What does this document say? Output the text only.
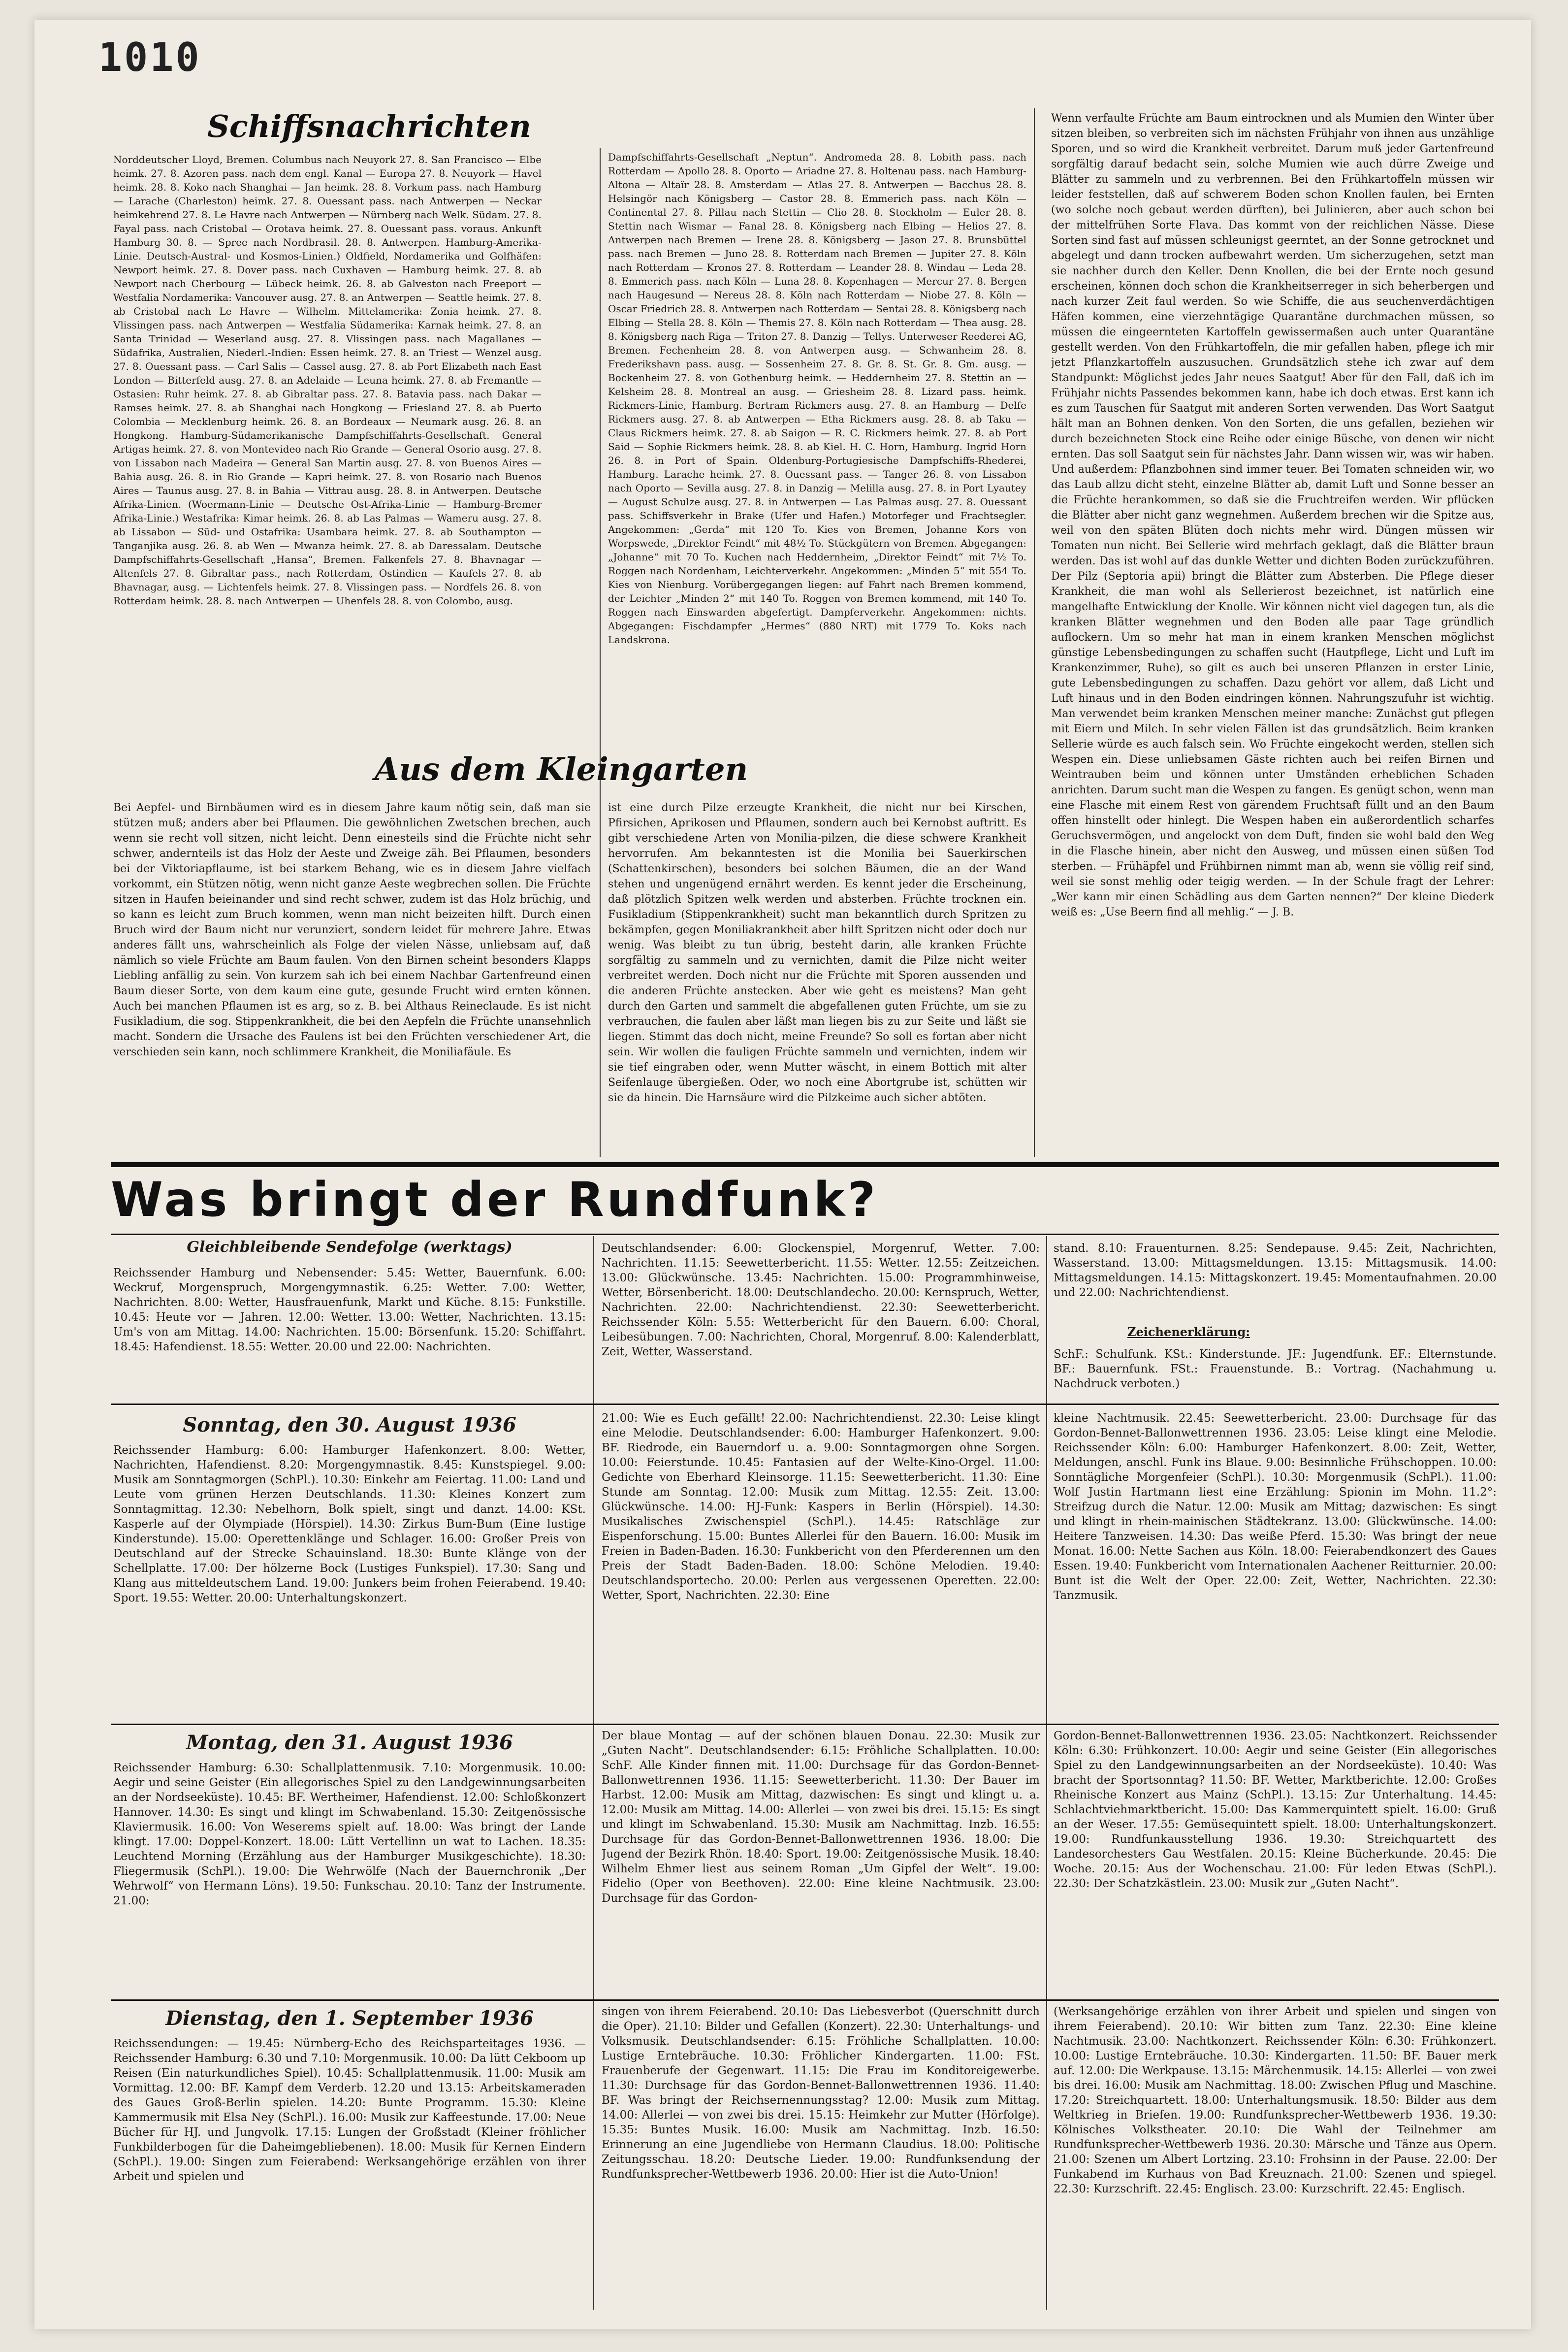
1010
Schiffsnachrichten
Norddeutscher Lloyd, Bremen. Columbus nach Neuyork 27. 8. San Francisco — Elbe heimk. 27. 8. Azoren pass. nach dem engl. Kanal — Europa 27. 8. Neuyork — Havel heimk. 28. 8. Koko nach Shanghai — Jan heimk. 28. 8. Vorkum pass. nach Hamburg — Larache (Charleston) heimk. 27. 8. Ouessant pass. nach Antwerpen — Neckar heimkehrend 27. 8. Le Havre nach Antwerpen — Nürnberg nach Welk. Südam. 27. 8. Fayal pass. nach Cristobal — Orotava heimk. 27. 8. Ouessant pass. voraus. Ankunft Hamburg 30. 8. — Spree nach Nordbrasil. 28. 8. Antwerpen. Hamburg-Amerika-Linie. Deutsch-Austral- und Kosmos-Linien.) Oldfield, Nordamerika und Golfhäfen: Newport heimk. 27. 8. Dover pass. nach Cuxhaven — Hamburg heimk. 27. 8. ab Newport nach Cherbourg — Lübeck heimk. 26. 8. ab Galveston nach Freeport — Westfalia Nordamerika: Vancouver ausg. 27. 8. an Antwerpen — Seattle heimk. 27. 8. ab Cristobal nach Le Havre — Wilhelm. Mittelamerika: Zonia heimk. 27. 8. Vlissingen pass. nach Antwerpen — Westfalia Südamerika: Karnak heimk. 27. 8. an Santa Trinidad — Weserland ausg. 27. 8. Vlissingen pass. nach Magallanes — Südafrika, Australien, Niederl.-Indien: Essen heimk. 27. 8. an Triest — Wenzel ausg. 27. 8. Ouessant pass. — Carl Salis — Cassel ausg. 27. 8. ab Port Elizabeth nach East London — Bitterfeld ausg. 27. 8. an Adelaide — Leuna heimk. 27. 8. ab Fremantle — Ostasien: Ruhr heimk. 27. 8. ab Gibraltar pass. 27. 8. Batavia pass. nach Dakar — Ramses heimk. 27. 8. ab Shanghai nach Hongkong — Friesland 27. 8. ab Puerto Colombia — Mecklenburg heimk. 26. 8. an Bordeaux — Neumark ausg. 26. 8. an Hongkong. Hamburg-Südamerikanische Dampfschiffahrts-Gesellschaft. General Artigas heimk. 27. 8. von Montevideo nach Rio Grande — General Osorio ausg. 27. 8. von Lissabon nach Madeira — General San Martin ausg. 27. 8. von Buenos Aires — Bahia ausg. 26. 8. in Rio Grande — Kapri heimk. 27. 8. von Rosario nach Buenos Aires — Taunus ausg. 27. 8. in Bahia — Vittrau ausg. 28. 8. in Antwerpen. Deutsche Afrika-Linien. (Woermann-Linie — Deutsche Ost-Afrika-Linie — Hamburg-Bremer Afrika-Linie.) Westafrika: Kimar heimk. 26. 8. ab Las Palmas — Wameru ausg. 27. 8. ab Lissabon — Süd- und Ostafrika: Usambara heimk. 27. 8. ab Southampton — Tanganjika ausg. 26. 8. ab Wen — Mwanza heimk. 27. 8. ab Daressalam. Deutsche Dampfschiffahrts-Gesellschaft „Hansa“, Bremen. Falkenfels 27. 8. Bhavnagar — Altenfels 27. 8. Gibraltar pass., nach Rotterdam, Ostindien — Kaufels 27. 8. ab Bhavnagar, ausg. — Lichtenfels heimk. 27. 8. Vlissingen pass. — Nordfels 26. 8. von Rotterdam heimk. 28. 8. nach Antwerpen — Uhenfels 28. 8. von Colombo, ausg.
Dampfschiffahrts-Gesellschaft „Neptun“. Andromeda 28. 8. Lobith pass. nach Rotterdam — Apollo 28. 8. Oporto — Ariadne 27. 8. Holtenau pass. nach Hamburg-Altona — Altaïr 28. 8. Amsterdam — Atlas 27. 8. Antwerpen — Bacchus 28. 8. Helsingör nach Königsberg — Castor 28. 8. Emmerich pass. nach Köln — Continental 27. 8. Pillau nach Stettin — Clio 28. 8. Stockholm — Euler 28. 8. Stettin nach Wismar — Fanal 28. 8. Königsberg nach Elbing — Helios 27. 8. Antwerpen nach Bremen — Irene 28. 8. Königsberg — Jason 27. 8. Brunsbüttel pass. nach Bremen — Juno 28. 8. Rotterdam nach Bremen — Jupiter 27. 8. Köln nach Rotterdam — Kronos 27. 8. Rotterdam — Leander 28. 8. Windau — Leda 28. 8. Emmerich pass. nach Köln — Luna 28. 8. Kopenhagen — Mercur 27. 8. Bergen nach Haugesund — Nereus 28. 8. Köln nach Rotterdam — Niobe 27. 8. Köln — Oscar Friedrich 28. 8. Antwerpen nach Rotterdam — Sentai 28. 8. Königsberg nach Elbing — Stella 28. 8. Köln — Themis 27. 8. Köln nach Rotterdam — Thea ausg. 28. 8. Königsberg nach Riga — Triton 27. 8. Danzig — Tellys. Unterweser Reederei AG, Bremen. Fechenheim 28. 8. von Antwerpen ausg. — Schwanheim 28. 8. Frederikshavn pass. ausg. — Sossenheim 27. 8. Gr. 8. St. Gr. 8. Gm. ausg. — Bockenheim 27. 8. von Gothenburg heimk. — Heddernheim 27. 8. Stettin an — Kelsheim 28. 8. Montreal an ausg. — Griesheim 28. 8. Lizard pass. heimk. Rickmers-Linie, Hamburg. Bertram Rickmers ausg. 27. 8. an Hamburg — Delfe Rickmers ausg. 27. 8. ab Antwerpen — Etha Rickmers ausg. 28. 8. ab Taku — Claus Rickmers heimk. 27. 8. ab Saigon — R. C. Rickmers heimk. 27. 8. ab Port Said — Sophie Rickmers heimk. 28. 8. ab Kiel. H. C. Horn, Hamburg. Ingrid Horn 26. 8. in Port of Spain. Oldenburg-Portugiesische Dampfschiffs-Rhederei, Hamburg. Larache heimk. 27. 8. Ouessant pass. — Tanger 26. 8. von Lissabon nach Oporto — Sevilla ausg. 27. 8. in Danzig — Melilla ausg. 27. 8. in Port Lyautey — August Schulze ausg. 27. 8. in Antwerpen — Las Palmas ausg. 27. 8. Ouessant pass. Schiffsverkehr in Brake (Ufer und Hafen.) Motorfeger und Frachtsegler. Angekommen: „Gerda“ mit 120 To. Kies von Bremen, Johanne Kors von Worpswede, „Direktor Feindt“ mit 48½ To. Stückgütern von Bremen. Abgegangen: „Johanne“ mit 70 To. Kuchen nach Heddernheim, „Direktor Feindt“ mit 7½ To. Roggen nach Nordenham, Leichterverkehr. Angekommen: „Minden 5“ mit 554 To. Kies von Nienburg. Vorübergegangen liegen: auf Fahrt nach Bremen kommend, der Leichter „Minden 2“ mit 140 To. Roggen von Bremen kommend, mit 140 To. Roggen nach Einswarden abgefertigt. Dampferverkehr. Angekommen: nichts. Abgegangen: Fischdampfer „Hermes“ (880 NRT) mit 1779 To. Koks nach Landskrona.
Wenn verfaulte Früchte am Baum eintrocknen und als Mumien den Winter über sitzen bleiben, so verbreiten sich im nächsten Frühjahr von ihnen aus unzählige Sporen, und so wird die Krankheit verbreitet. Darum muß jeder Gartenfreund sorgfältig darauf bedacht sein, solche Mumien wie auch dürre Zweige und Blätter zu sammeln und zu verbrennen. Bei den Frühkartoffeln müssen wir leider feststellen, daß auf schwerem Boden schon Knollen faulen, bei Ernten (wo solche noch gebaut werden dürften), bei Julinieren, aber auch schon bei der mittelfrühen Sorte Flava. Das kommt von der reichlichen Nässe. Diese Sorten sind fast auf müssen schleunigst geerntet, an der Sonne getrocknet und abgelegt und dann trocken aufbewahrt werden. Um sicherzugehen, setzt man sie nachher durch den Keller. Denn Knollen, die bei der Ernte noch gesund erscheinen, können doch schon die Krankheitserreger in sich beherbergen und nach kurzer Zeit faul werden. So wie Schiffe, die aus seuchenverdächtigen Häfen kommen, eine vierzehntägige Quarantäne durchmachen müssen, so müssen die eingeernteten Kartoffeln gewissermaßen auch unter Quarantäne gestellt werden. Von den Frühkartoffeln, die mir gefallen haben, pflege ich mir jetzt Pflanzkartoffeln auszusuchen. Grundsätzlich stehe ich zwar auf dem Standpunkt: Möglichst jedes Jahr neues Saatgut! Aber für den Fall, daß ich im Frühjahr nichts Passendes bekommen kann, habe ich doch etwas. Erst kann ich es zum Tauschen für Saatgut mit anderen Sorten verwenden. Das Wort Saatgut hält man an Bohnen denken. Von den Sorten, die uns gefallen, beziehen wir durch bezeichneten Stock eine Reihe oder einige Büsche, von denen wir nicht ernten. Das soll Saatgut sein für nächstes Jahr. Dann wissen wir, was wir haben. Und außerdem: Pflanzbohnen sind immer teuer. Bei Tomaten schneiden wir, wo das Laub allzu dicht steht, einzelne Blätter ab, damit Luft und Sonne besser an die Früchte herankommen, so daß sie die Fruchtreifen werden. Wir pflücken die Blätter aber nicht ganz wegnehmen. Außerdem brechen wir die Spitze aus, weil von den späten Blüten doch nichts mehr wird. Düngen müssen wir Tomaten nun nicht. Bei Sellerie wird mehrfach geklagt, daß die Blätter braun werden. Das ist wohl auf das dunkle Wetter und dichten Boden zurückzuführen. Der Pilz (Septoria apii) bringt die Blätter zum Absterben. Die Pflege dieser Krankheit, die man wohl als Sellerierost bezeichnet, ist natürlich eine mangelhafte Entwicklung der Knolle. Wir können nicht viel dagegen tun, als die kranken Blätter wegnehmen und den Boden alle paar Tage gründlich auflockern. Um so mehr hat man in einem kranken Menschen möglichst günstige Lebensbedingungen zu schaffen sucht (Hautpflege, Licht und Luft im Krankenzimmer, Ruhe), so gilt es auch bei unseren Pflanzen in erster Linie, gute Lebensbedingungen zu schaffen. Dazu gehört vor allem, daß Licht und Luft hinaus und in den Boden eindringen können. Nahrungszufuhr ist wichtig. Man verwendet beim kranken Menschen meiner manche: Zunächst gut pflegen mit Eiern und Milch. In sehr vielen Fällen ist das grundsätzlich. Beim kranken Sellerie würde es auch falsch sein. Wo Früchte eingekocht werden, stellen sich Wespen ein. Diese unliebsamen Gäste richten auch bei reifen Birnen und Weintrauben beim und können unter Umständen erheblichen Schaden anrichten. Darum sucht man die Wespen zu fangen. Es genügt schon, wenn man eine Flasche mit einem Rest von gärendem Fruchtsaft füllt und an den Baum offen hinstellt oder hinlegt. Die Wespen haben ein außerordentlich scharfes Geruchsvermögen, und angelockt von dem Duft, finden sie wohl bald den Weg in die Flasche hinein, aber nicht den Ausweg, und müssen einen süßen Tod sterben. — Frühäpfel und Frühbirnen nimmt man ab, wenn sie völlig reif sind, weil sie sonst mehlig oder teigig werden. — In der Schule fragt der Lehrer: „Wer kann mir einen Schädling aus dem Garten nennen?“ Der kleine Diederk weiß es: „Use Beern find all mehlig.“ — J. B.
Aus dem Kleingarten
Bei Aepfel- und Birnbäumen wird es in diesem Jahre kaum nötig sein, daß man sie stützen muß; anders aber bei Pflaumen. Die gewöhnlichen Zwetschen brechen, auch wenn sie recht voll sitzen, nicht leicht. Denn einesteils sind die Früchte nicht sehr schwer, andernteils ist das Holz der Aeste und Zweige zäh. Bei Pflaumen, besonders bei der Viktoriapflaume, ist bei starkem Behang, wie es in diesem Jahre vielfach vorkommt, ein Stützen nötig, wenn nicht ganze Aeste wegbrechen sollen. Die Früchte sitzen in Haufen beieinander und sind recht schwer, zudem ist das Holz brüchig, und so kann es leicht zum Bruch kommen, wenn man nicht beizeiten hilft. Durch einen Bruch wird der Baum nicht nur verunziert, sondern leidet für mehrere Jahre. Etwas anderes fällt uns, wahrscheinlich als Folge der vielen Nässe, unliebsam auf, daß nämlich so viele Früchte am Baum faulen. Von den Birnen scheint besonders Klapps Liebling anfällig zu sein. Von kurzem sah ich bei einem Nachbar Gartenfreund einen Baum dieser Sorte, von dem kaum eine gute, gesunde Frucht wird ernten können. Auch bei manchen Pflaumen ist es arg, so z. B. bei Althaus Reineclaude. Es ist nicht Fusikladium, die sog. Stippenkrankheit, die bei den Aepfeln die Früchte unansehnlich macht. Sondern die Ursache des Faulens ist bei den Früchten verschiedener Art, die verschieden sein kann, noch schlimmere Krankheit, die Moniliafäule. Es
ist eine durch Pilze erzeugte Krankheit, die nicht nur bei Kirschen, Pfirsichen, Aprikosen und Pflaumen, sondern auch bei Kernobst auftritt. Es gibt verschiedene Arten von Monilia-pilzen, die diese schwere Krankheit hervorrufen. Am bekanntesten ist die Monilia bei Sauerkirschen (Schattenkirschen), besonders bei solchen Bäumen, die an der Wand stehen und ungenügend ernährt werden. Es kennt jeder die Erscheinung, daß plötzlich Spitzen welk werden und absterben. Früchte trocknen ein. Fusikladium (Stippenkrankheit) sucht man bekanntlich durch Spritzen zu bekämpfen, gegen Moniliakrankheit aber hilft Spritzen nicht oder doch nur wenig. Was bleibt zu tun übrig, besteht darin, alle kranken Früchte sorgfältig zu sammeln und zu vernichten, damit die Pilze nicht weiter verbreitet werden. Doch nicht nur die Früchte mit Sporen aussenden und die anderen Früchte anstecken. Aber wie geht es meistens? Man geht durch den Garten und sammelt die abgefallenen guten Früchte, um sie zu verbrauchen, die faulen aber läßt man liegen bis zu zur Seite und läßt sie liegen. Stimmt das doch nicht, meine Freunde? So soll es fortan aber nicht sein. Wir wollen die fauligen Früchte sammeln und vernichten, indem wir sie tief eingraben oder, wenn Mutter wäscht, in einem Bottich mit alter Seifenlauge übergießen. Oder, wo noch eine Abortgrube ist, schütten wir sie da hinein. Die Harnsäure wird die Pilzkeime auch sicher abtöten.
Was bringt der Rundfunk?
Gleichbleibende Sendefolge (werktags)
Reichssender Hamburg und Nebensender: 5.45: Wetter, Bauernfunk. 6.00: Weckruf, Morgenspruch, Morgengymnastik. 6.25: Wetter. 7.00: Wetter, Nachrichten. 8.00: Wetter, Hausfrauenfunk, Markt und Küche. 8.15: Funkstille. 10.45: Heute vor — Jahren. 12.00: Wetter. 13.00: Wetter, Nachrichten. 13.15: Um's von am Mittag. 14.00: Nachrichten. 15.00: Börsenfunk. 15.20: Schiffahrt. 18.45: Hafendienst. 18.55: Wetter. 20.00 und 22.00: Nachrichten.
Deutschlandsender: 6.00: Glockenspiel, Morgenruf, Wetter. 7.00: Nachrichten. 11.15: Seewetterbericht. 11.55: Wetter. 12.55: Zeitzeichen. 13.00: Glückwünsche. 13.45: Nachrichten. 15.00: Programmhinweise, Wetter, Börsenbericht. 18.00: Deutschlandecho. 20.00: Kernspruch, Wetter, Nachrichten. 22.00: Nachrichtendienst. 22.30: Seewetterbericht. Reichssender Köln: 5.55: Wetterbericht für den Bauern. 6.00: Choral, Leibesübungen. 7.00: Nachrichten, Choral, Morgenruf. 8.00: Kalenderblatt, Zeit, Wetter, Wasserstand.
stand. 8.10: Frauenturnen. 8.25: Sendepause. 9.45: Zeit, Nachrichten, Wasserstand. 13.00: Mittagsmeldungen. 13.15: Mittagsmusik. 14.00: Mittagsmeldungen. 14.15: Mittagskonzert. 19.45: Momentaufnahmen. 20.00 und 22.00: Nachrichtendienst.
Zeichenerklärung:
SchF.: Schulfunk. KSt.: Kinderstunde. JF.: Jugendfunk. EF.: Elternstunde. BF.: Bauernfunk. FSt.: Frauenstunde. B.: Vortrag. (Nachahmung u. Nachdruck verboten.)
Sonntag, den 30. August 1936
Reichssender Hamburg: 6.00: Hamburger Hafenkonzert. 8.00: Wetter, Nachrichten, Hafendienst. 8.20: Morgengymnastik. 8.45: Kunstspiegel. 9.00: Musik am Sonntagmorgen (SchPl.). 10.30: Einkehr am Feiertag. 11.00: Land und Leute vom grünen Herzen Deutschlands. 11.30: Kleines Konzert zum Sonntagmittag. 12.30: Nebelhorn, Bolk spielt, singt und danzt. 14.00: KSt. Kasperle auf der Olympiade (Hörspiel). 14.30: Zirkus Bum-Bum (Eine lustige Kinderstunde). 15.00: Operettenklänge und Schlager. 16.00: Großer Preis von Deutschland auf der Strecke Schauinsland. 18.30: Bunte Klänge von der Schellplatte. 17.00: Der hölzerne Bock (Lustiges Funkspiel). 17.30: Sang und Klang aus mitteldeutschem Land. 19.00: Junkers beim frohen Feierabend. 19.40: Sport. 19.55: Wetter. 20.00: Unterhaltungskonzert.
21.00: Wie es Euch gefällt! 22.00: Nachrichtendienst. 22.30: Leise klingt eine Melodie. Deutschlandsender: 6.00: Hamburger Hafenkonzert. 9.00: BF. Riedrode, ein Bauerndorf u. a. 9.00: Sonntagmorgen ohne Sorgen. 10.00: Feierstunde. 10.45: Fantasien auf der Welte-Kino-Orgel. 11.00: Gedichte von Eberhard Kleinsorge. 11.15: Seewetterbericht. 11.30: Eine Stunde am Sonntag. 12.00: Musik zum Mittag. 12.55: Zeit. 13.00: Glückwünsche. 14.00: HJ-Funk: Kaspers in Berlin (Hörspiel). 14.30: Musikalisches Zwischenspiel (SchPl.). 14.45: Ratschläge zur Eispenforschung. 15.00: Buntes Allerlei für den Bauern. 16.00: Musik im Freien in Baden-Baden. 16.30: Funkbericht von den Pferderennen um den Preis der Stadt Baden-Baden. 18.00: Schöne Melodien. 19.40: Deutschlandsportecho. 20.00: Perlen aus vergessenen Operetten. 22.00: Wetter, Sport, Nachrichten. 22.30: Eine
kleine Nachtmusik. 22.45: Seewetterbericht. 23.00: Durchsage für das Gordon-Bennet-Ballonwettrennen 1936. 23.05: Leise klingt eine Melodie. Reichssender Köln: 6.00: Hamburger Hafenkonzert. 8.00: Zeit, Wetter, Meldungen, anschl. Funk ins Blaue. 9.00: Besinnliche Frühschoppen. 10.00: Sonntägliche Morgenfeier (SchPl.). 10.30: Morgenmusik (SchPl.). 11.00: Wolf Justin Hartmann liest eine Erzählung: Spionin im Mohn. 11.2°: Streifzug durch die Natur. 12.00: Musik am Mittag; dazwischen: Es singt und klingt in rhein-mainischen Städtekranz. 13.00: Glückwünsche. 14.00: Heitere Tanzweisen. 14.30: Das weiße Pferd. 15.30: Was bringt der neue Monat. 16.00: Nette Sachen aus Köln. 18.00: Feierabendkonzert des Gaues Essen. 19.40: Funkbericht vom Internationalen Aachener Reitturnier. 20.00: Bunt ist die Welt der Oper. 22.00: Zeit, Wetter, Nachrichten. 22.30: Tanzmusik.
Montag, den 31. August 1936
Reichssender Hamburg: 6.30: Schallplattenmusik. 7.10: Morgenmusik. 10.00: Aegir und seine Geister (Ein allegorisches Spiel zu den Landgewinnungsarbeiten an der Nordseeküste). 10.45: BF. Wertheimer, Hafendienst. 12.00: Schloßkonzert Hannover. 14.30: Es singt und klingt im Schwabenland. 15.30: Zeitgenössische Klaviermusik. 16.00: Von Weserems spielt auf. 18.00: Was bringt der Lande klingt. 17.00: Doppel-Konzert. 18.00: Lütt Vertellinn un wat to Lachen. 18.35: Leuchtend Morning (Erzählung aus der Hamburger Musikgeschichte). 18.30: Fliegermusik (SchPl.). 19.00: Die Wehrwölfe (Nach der Bauernchronik „Der Wehrwolf“ von Hermann Löns). 19.50: Funkschau. 20.10: Tanz der Instrumente. 21.00:
Der blaue Montag — auf der schönen blauen Donau. 22.30: Musik zur „Guten Nacht“. Deutschlandsender: 6.15: Fröhliche Schallplatten. 10.00: SchF. Alle Kinder finnen mit. 11.00: Durchsage für das Gordon-Bennet-Ballonwettrennen 1936. 11.15: Seewetterbericht. 11.30: Der Bauer im Harbst. 12.00: Musik am Mittag, dazwischen: Es singt und klingt u. a. 12.00: Musik am Mittag. 14.00: Allerlei — von zwei bis drei. 15.15: Es singt und klingt im Schwabenland. 15.30: Musik am Nachmittag. Inzb. 16.55: Durchsage für das Gordon-Bennet-Ballonwettrennen 1936. 18.00: Die Jugend der Bezirk Rhön. 18.40: Sport. 19.00: Zeitgenössische Musik. 18.40: Wilhelm Ehmer liest aus seinem Roman „Um Gipfel der Welt“. 19.00: Fidelio (Oper von Beethoven). 22.00: Eine kleine Nachtmusik. 23.00: Durchsage für das Gordon-
Gordon-Bennet-Ballonwettrennen 1936. 23.05: Nachtkonzert. Reichssender Köln: 6.30: Frühkonzert. 10.00: Aegir und seine Geister (Ein allegorisches Spiel zu den Landgewinnungsarbeiten an der Nordseeküste). 10.40: Was bracht der Sportsonntag? 11.50: BF. Wetter, Marktberichte. 12.00: Großes Rheinische Konzert aus Mainz (SchPl.). 13.15: Zur Unterhaltung. 14.45: Schlachtviehmarktbericht. 15.00: Das Kammerquintett spielt. 16.00: Gruß an der Weser. 17.55: Gemüsequintett spielt. 18.00: Unterhaltungskonzert. 19.00: Rundfunkausstellung 1936. 19.30: Streichquartett des Landesorchesters Gau Westfalen. 20.15: Kleine Bücherkunde. 20.45: Die Woche. 20.15: Aus der Wochenschau. 21.00: Für leden Etwas (SchPl.). 22.30: Der Schatzkästlein. 23.00: Musik zur „Guten Nacht“.
Dienstag, den 1. September 1936
Reichssendungen: — 19.45: Nürnberg-Echo des Reichsparteitages 1936. — Reichssender Hamburg: 6.30 und 7.10: Morgenmusik. 10.00: Da lütt Cekboom up Reisen (Ein naturkundliches Spiel). 10.45: Schallplattenmusik. 11.00: Musik am Vormittag. 12.00: BF. Kampf dem Verderb. 12.20 und 13.15: Arbeitskameraden des Gaues Groß-Berlin spielen. 14.20: Bunte Programm. 15.30: Kleine Kammermusik mit Elsa Ney (SchPl.). 16.00: Musik zur Kaffeestunde. 17.00: Neue Bücher für HJ. und Jungvolk. 17.15: Lungen der Großstadt (Kleiner fröhlicher Funkbilderbogen für die Daheimgebliebenen). 18.00: Musik für Kernen Eindern (SchPl.). 19.00: Singen zum Feierabend: Werksangehörige erzählen von ihrer Arbeit und spielen und
singen von ihrem Feierabend. 20.10: Das Liebesverbot (Querschnitt durch die Oper). 21.10: Bilder und Gefallen (Konzert). 22.30: Unterhaltungs- und Volksmusik. Deutschlandsender: 6.15: Fröhliche Schallplatten. 10.00: Lustige Erntebräuche. 10.30: Fröhlicher Kindergarten. 11.00: FSt. Frauenberufe der Gegenwart. 11.15: Die Frau im Konditoreigewerbe. 11.30: Durchsage für das Gordon-Bennet-Ballonwettrennen 1936. 11.40: BF. Was bringt der Reichsernennungsstag? 12.00: Musik zum Mittag. 14.00: Allerlei — von zwei bis drei. 15.15: Heimkehr zur Mutter (Hörfolge). 15.35: Buntes Musik. 16.00: Musik am Nachmittag. Inzb. 16.50: Erinnerung an eine Jugendliebe von Hermann Claudius. 18.00: Politische Zeitungsschau. 18.20: Deutsche Lieder. 19.00: Rundfunksendung der Rundfunksprecher-Wettbewerb 1936. 20.00: Hier ist die Auto-Union!
(Werksangehörige erzählen von ihrer Arbeit und spielen und singen von ihrem Feierabend). 20.10: Wir bitten zum Tanz. 22.30: Eine kleine Nachtmusik. 23.00: Nachtkonzert. Reichssender Köln: 6.30: Frühkonzert. 10.00: Lustige Erntebräuche. 10.30: Kindergarten. 11.50: BF. Bauer merk auf. 12.00: Die Werkpause. 13.15: Märchenmusik. 14.15: Allerlei — von zwei bis drei. 16.00: Musik am Nachmittag. 18.00: Zwischen Pflug und Maschine. 17.20: Streichquartett. 18.00: Unterhaltungsmusik. 18.50: Bilder aus dem Weltkrieg in Briefen. 19.00: Rundfunksprecher-Wettbewerb 1936. 19.30: Kölnisches Volkstheater. 20.10: Die Wahl der Teilnehmer am Rundfunksprecher-Wettbewerb 1936. 20.30: Märsche und Tänze aus Opern. 21.00: Szenen um Albert Lortzing. 23.10: Frohsinn in der Pause. 22.00: Der Funkabend im Kurhaus von Bad Kreuznach. 21.00: Szenen und spiegel. 22.30: Kurzschrift. 22.45: Englisch. 23.00: Kurzschrift. 22.45: Englisch.
